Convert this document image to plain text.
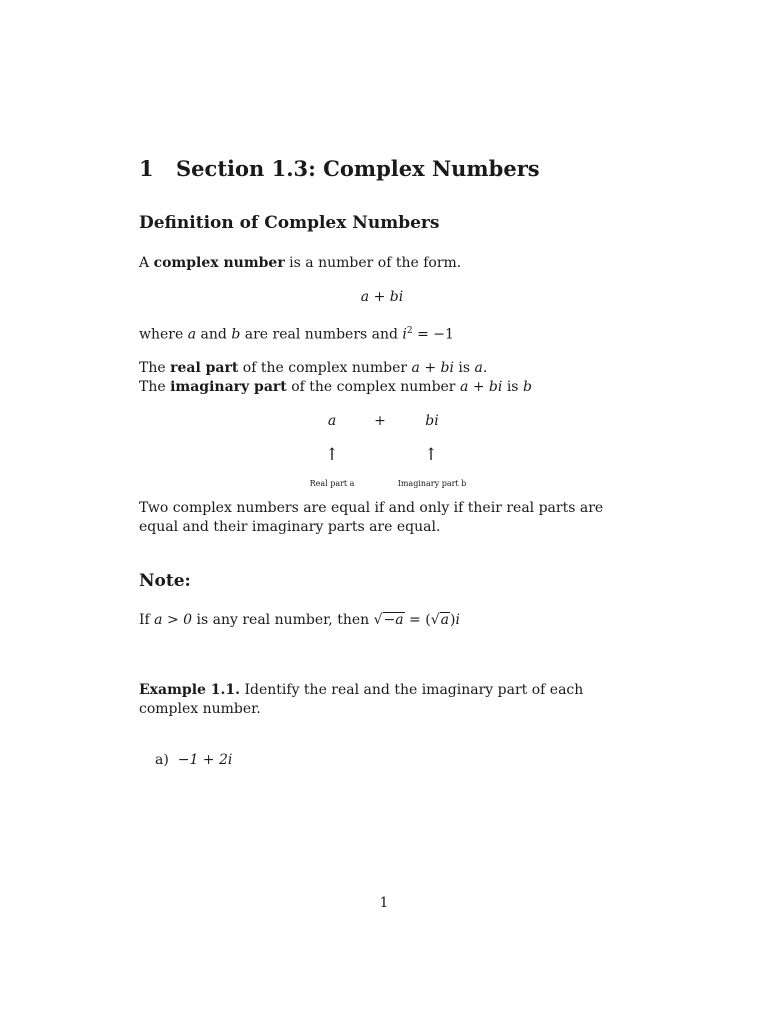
1 Section 1.3: Complex Numbers
Definition of Complex Numbers
A complex number is a number of the form.
a + bi
where a and b are real numbers and $i^2 = -1$
The real part of the complex number a + bi is a.
The imaginary part of the complex number a + bi is b
a	+	bi
↑	↑
Real part a	Imaginary part b
Two complex numbers are equal if and only if their real parts are equal and their imaginary parts are equal.
Note:
If a > 0 is any real number, then √−a = (√a)i
Example 1.1. Identify the real and the imaginary part of each complex number.
a) −1 + 2i
1
